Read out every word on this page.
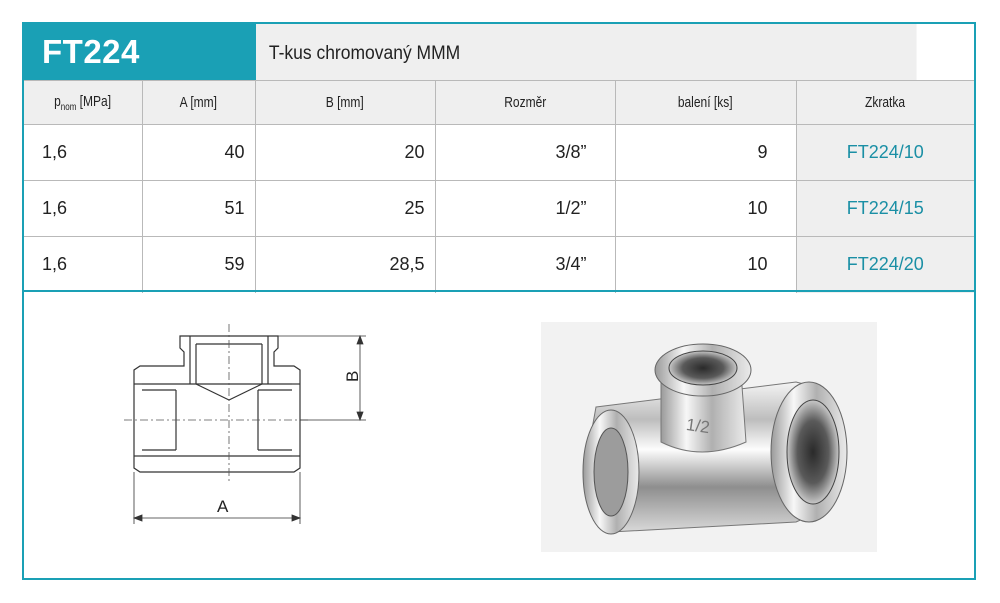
FT224	T-kus chromovaný MMM
$p_{nom}$ [MPa]	A [mm]	B [mm]	Rozměr	balení [ks]	Zkratka
1,6	40	20	3/8”	9	FT224/10
1,6	51	25	1/2”	10	FT224/15
1,6	59	28,5	3/4”	10	FT224/20
A
B
1/2
